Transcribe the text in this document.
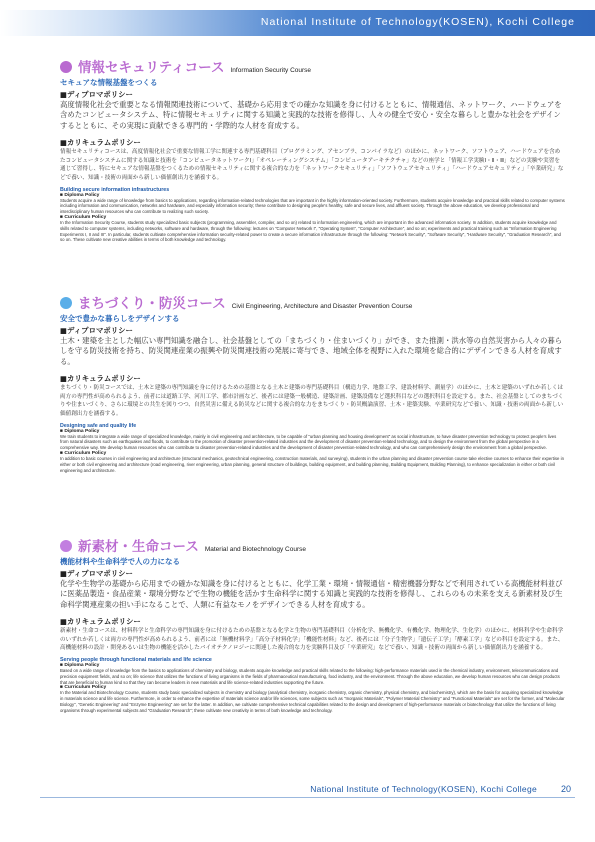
National Institute of Technology(KOSEN), Kochi College
情報セキュリティコース Information Security Course
セキュアな情報基盤をつくる
■ディプロマポリシー
高度情報化社会で重要となる情報関連技術について、基礎から応用までの確かな知識を身に付けるとともに、情報通信、ネットワーク、ハードウェアを含めたコンピュータシステム、特に情報セキュリティに関する知識と実践的な技術を修得し、人々の健全で安心・安全な暮らしと豊かな社会をデザインするとともに、その実現に貢献できる専門的・学際的な人材を育成する。
■カリキュラムポリシー
情報セキュリティコースは、高度情報化社会で重要な情報工学に関連する専門基礎科目（プログラミング、アセンブラ、コンパイラなど）のほかに、ネットワーク、ソフトウェア、ハードウェアを含めたコンピュータシステムに関する知識と技術を「コンピュータネットワークⅠ」「オペレーティングシステム」「コンピュータアーキテクチャ」などの座学と「情報工学実験Ⅰ・Ⅱ・Ⅲ」などの実験や実習を通じて習得し、特にセキュアな情報基盤をつくるための情報セキュリティに関する複合的な力を「ネットワークセキュリティ」「ソフトウェアセキュリティ」「ハードウェアセキュリティ」「卒業研究」などで養い、知識・技術の両面から新しい価値創出力を涵養する。
Building secure information infrastructures
■ Diploma Policy
Students acquire a wide range of knowledge from basics to applications, regarding information-related technologies that are important in the highly information-oriented society. Furthermore, students acquire knowledge and practical skills related to computer systems including information and communication, networks and hardware, and especially information security; these contribute to designing people's healthy, safe and secure lives, and affluent society. Through the above education, we develop professional and interdisciplinary human resources who can contribute to realizing such society.
■ Curriculum Policy
In the Information Security Course, students study specialized basic subjects (programming, assembler, compiler, and so on) related to information engineering, which are important in the advanced information society. In addition, students acquire knowledge and skills related to computer systems, including networks, software and hardware, through the following: lectures on "Computer Network I", "Operating System", "Computer Architecture", and so on; experiments and practical training such as "Information Engineering Experiments I, II and III". In particular, students cultivate comprehensive information security-related power to create a secure information infrastructure through the following: "Network Security", "Software Security", "Hardware Security", "Graduation Research", and so on. These cultivate new creative abilities in terms of both knowledge and technology.
まちづくり・防災コース Civil Engineering, Architecture and Disaster Prevention Course
安全で豊かな暮らしをデザインする
■ディプロマポリシー
土木・建築を主とした幅広い専門知識を融合し、社会基盤としての「まちづくり・住まいづくり」ができ、また推測・洪水等の自然災害から人々の暮らしを守る防災技術を持ち、防災関連産業の振興や防災関連技術の発展に寄与でき、地域全体を視野に入れた環境を総合的にデザインできる人材を育成する。
■カリキュラムポリシー
まちづくり・防災コースでは、土木と建築の専門知識を身に付けるための基盤となる土木と建築の専門基礎科目（構造力学、地盤工学、建設材料学、測量学）のほかに、土木と建築のいずれか若しくは両方の専門性が高められるよう、前者には道路工学、河川工学、都市計画など、後者には建築一般構造、建築計画、建築設備など選択科目などの選択科目を設定する。また、社会基盤としてのまちづくりや住まいづくり、さらに環境との共生を図りつつ、自然災害に備える防災などに関する複合的な力をまちづくり・防災概論演習、土木・建築実験、卒業研究などで養い、知識・技術の両面から新しい価値創出力を涵養する。
Designing safe and quality life
■ Diploma Policy
We train students to integrate a wide range of specialized knowledge, mainly in civil engineering and architecture, to be capable of "urban planning and housing development" as social infrastructure, to have disaster prevention technology to protect people's lives from natural disasters such as earthquakes and floods, to contribute to the promotion of disaster prevention-related industries and the development of disaster prevention-related technology, and to design the environment from the global perspective in a comprehensive way. We develop human resources who can contribute to disaster prevention-related industries and the development of disaster prevention-related technology, and who can comprehensively design the environment from a global perspective.
■ Curriculum Policy
In addition to basic courses in civil engineering and architecture (structural mechanics, geotechnical engineering, construction materials, and surveying), students in the urban planning and disaster prevention course take elective courses to enhance their expertise in either or both civil engineering and architecture (road engineering, river engineering, urban planning, general structure of buildings, building equipment, and building planning, Building Equipment, Building Planning), to enhance specialization in either or both civil engineering and architecture.
新素材・生命コース Material and Biotechnology Course
機能材料や生命科学で人の力になる
■ディプロマポリシー
化学や生物学の基礎から応用までの確かな知識を身に付けるとともに、化学工業・環境・情報通信・精密機器分野などで利用されている高機能材料並びに医薬品製造・食品産業・環境分野などで生物の機能を活かす生命科学に関する知識と実践的な技術を修得し、これらのもの未来を支える新素材及び生命科学関連産業の担い手になることで、人類に有益なモノをデザインできる人材を育成する。
■カリキュラムポリシー
新素材・生命コースは、材料科学と生命科学の専門知識を身に付けるための基盤となる化学と生物の専門基礎科目（分析化学、無機化学、有機化学、物理化学、生化学）のほかに、材料科学や生命科学のいずれか若しくは両方の専門性が高められるよう、前者には「無機材料学」「高分子材料化学」「機能性材料」など、後者には「分子生物学」「遺伝子工学」「酵素工学」などの科目を設定する。また、高機能材料の設計・開発あるいは生物の機能を活かしたバイオテクノロジーに関連した複合的な力を実験科目及び「卒業研究」などで養い、知識・技術の両面から新しい価値創出力を涵養する。
Serving people through functional materials and life science
■ Diploma Policy
Based on a wide range of knowledge from the basics to applications of chemistry and biology, students acquire knowledge and practical skills related to the following: high-performance materials used in the chemical industry, environment, telecommunications and precision equipment fields, and so on; life science that utilizes the functions of living organisms in the fields of pharmaceutical manufacturing, food industry, and the environment. Through the above education, we develop human resources who can design products that are beneficial to human kind so that they can become leaders in new materials and life science-related industries supporting the future.
■ Curriculum Policy
In the Material and Biotechnology Course, students study basic specialized subjects in chemistry and biology (analytical chemistry, inorganic chemistry, organic chemistry, physical chemistry, and biochemistry), which are the basis for acquiring specialized knowledge in materials science and life science. Furthermore, in order to enhance the expertise of materials science and/or life sciences, some subjects such as "Inorganic Materials", "Polymer Material Chemistry" and "Functional Materials" are set for the former, and "Molecular Biology", "Genetic Engineering" and "Enzyme Engineering" are set for the latter. In addition, we cultivate comprehensive technical capabilities related to the design and development of high-performance materials or biotechnology that utilize the functions of living organisms through experimental subjects and "Graduation Research"; these cultivate new creativity in terms of both knowledge and technology.
National Institute of Technology(KOSEN), Kochi College	20
